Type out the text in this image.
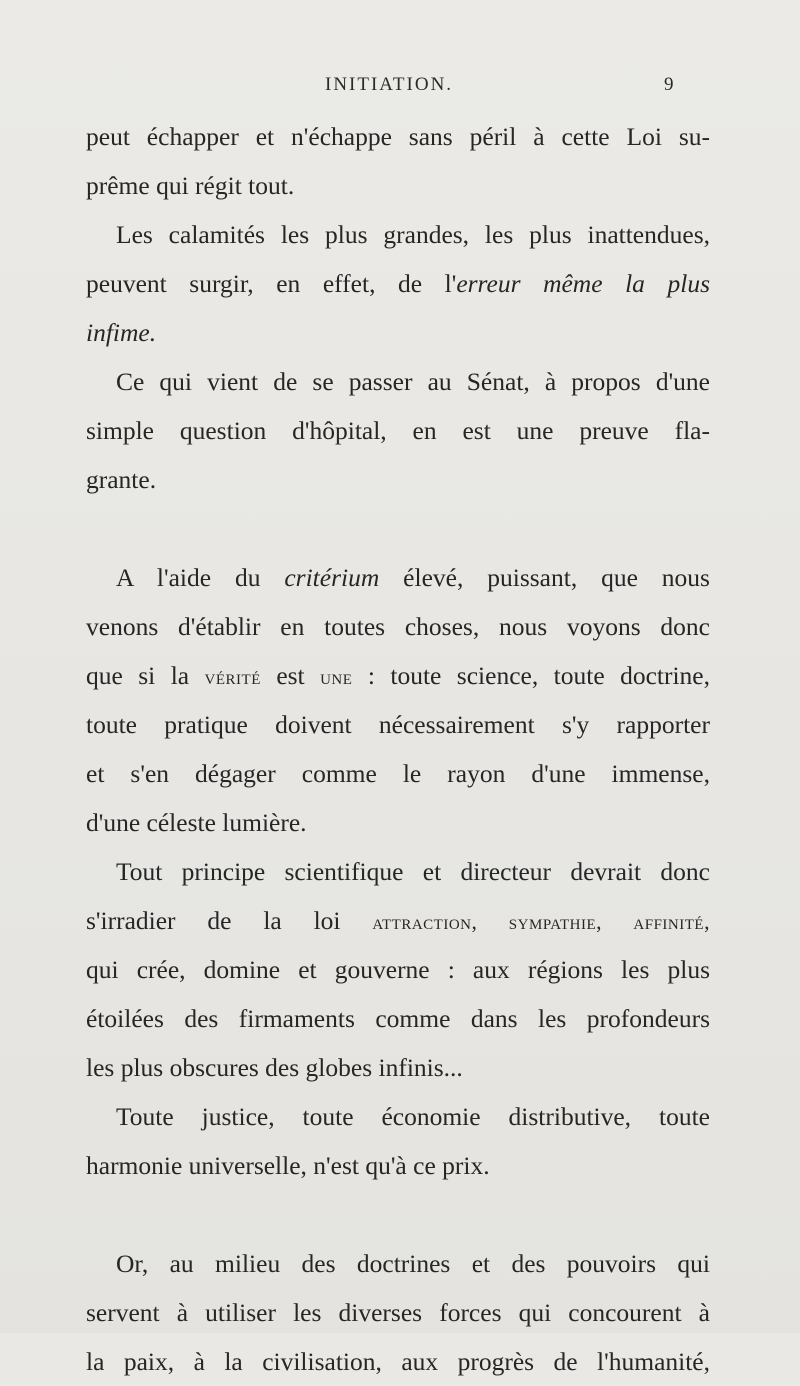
INITIATION.	9
peut échapper et n'échappe sans péril à cette Loi su-
prême qui régit tout.
Les calamités les plus grandes, les plus inattendues,
peuvent surgir, en effet, de l'erreur même la plus
infime.
Ce qui vient de se passer au Sénat, à propos d'une
simple question d'hôpital, en est une preuve fla-
grante.
A l'aide du critérium élevé, puissant, que nous
venons d'établir en toutes choses, nous voyons donc
que si la vérité est une : toute science, toute doctrine,
toute pratique doivent nécessairement s'y rapporter
et s'en dégager comme le rayon d'une immense,
d'une céleste lumière.
Tout principe scientifique et directeur devrait donc
s'irradier de la loi attraction, sympathie, affinité,
qui crée, domine et gouverne : aux régions les plus
étoilées des firmaments comme dans les profondeurs
les plus obscures des globes infinis...
Toute justice, toute économie distributive, toute
harmonie universelle, n'est qu'à ce prix.
Or, au milieu des doctrines et des pouvoirs qui
servent à utiliser les diverses forces qui concourent à
la paix, à la civilisation, aux progrès de l'humanité,
